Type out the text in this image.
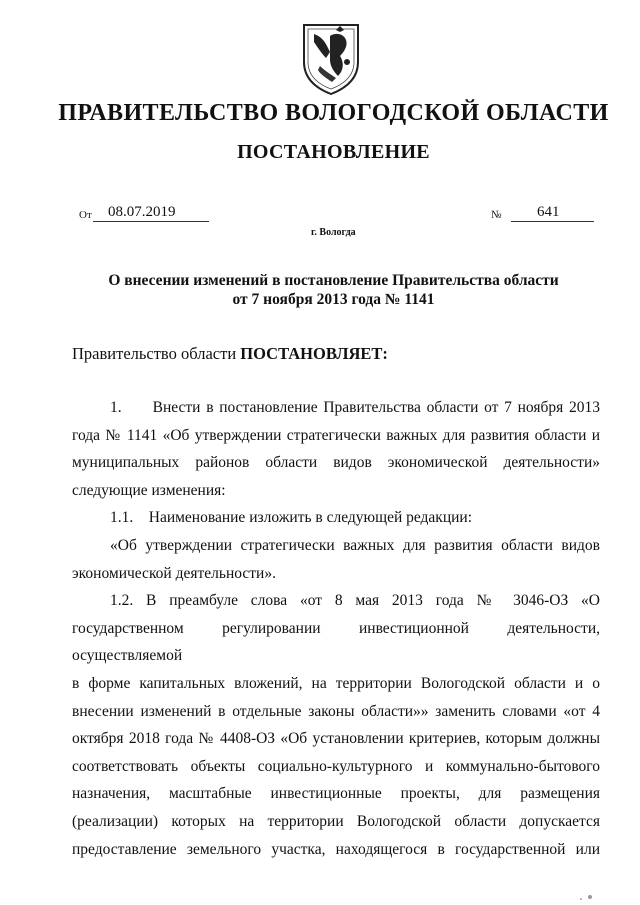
ПРАВИТЕЛЬСТВО ВОЛОГОДСКОЙ ОБЛАСТИ
ПОСТАНОВЛЕНИЕ
От	08.07.2019	№	641
г. Вологда
О внесении изменений в постановление Правительства области
от 7 ноября 2013 года № 1141
Правительство области ПОСТАНОВЛЯЕТ:

1.  Внести в постановление Правительства области от 7 ноября 2013

года № 1141 «Об утверждении стратегически важных для развития области и

муниципальных районов области видов экономической деятельности»

следующие изменения:

1.1. Наименование изложить в следующей редакции:

«Об утверждении стратегически важных для развития области видов

экономической деятельности».

1.2. В преамбуле слова «от 8 мая 2013 года № 3046-ОЗ «О

государственном регулировании инвестиционной деятельности, осуществляемой

в форме капитальных вложений, на территории Вологодской области и о

внесении изменений в отдельные законы области»» заменить словами «от 4

октября 2018 года № 4408-ОЗ «Об установлении критериев, которым должны

соответствовать объекты социально-культурного и коммунально-бытового

назначения, масштабные инвестиционные проекты, для размещения

(реализации) которых на территории Вологодской области допускается

предоставление земельного участка, находящегося в государственной или
